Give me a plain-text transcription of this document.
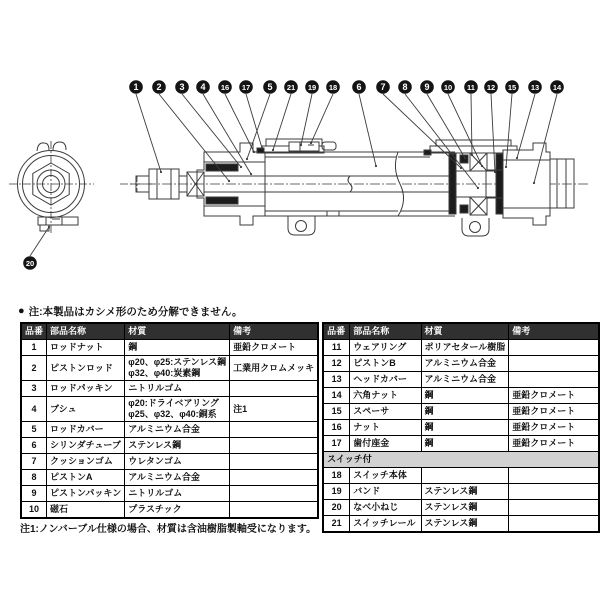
1 2 3 4 16 17 5 21 19 18 6 7 8 9 10 11 12 15 13 14
20
● 注:本製品はカシメ形のため分解できません。
品番	部品名称	材質	備考
1	ロッドナット	鋼	亜鉛クロメート
2	ピストンロッド	φ20、φ25:ステンレス鋼
φ32、φ40:炭素鋼	工業用クロムメッキ
3	ロッドパッキン	ニトリルゴム	

4	ブシュ	φ20:ドライベアリング
φ25、φ32、φ40:銅系	注1
5	ロッドカバー	アルミニウム合金	

6	シリンダチューブ	ステンレス鋼	

7	クッションゴム	ウレタンゴム	

8	ピストンA	アルミニウム合金	

9	ピストンパッキン	ニトリルゴム	

10	磁石	プラスチック	

品番	部品名称	材質	備考
11	ウェアリング	ポリアセタール樹脂	

12	ピストンB	アルミニウム合金	

13	ヘッドカバー	アルミニウム合金	

14	六角ナット	鋼	亜鉛クロメート
15	スペーサ	鋼	亜鉛クロメート
16	ナット	鋼	亜鉛クロメート
17	歯付座金	鋼	亜鉛クロメート
スイッチ付			
18	スイッチ本体	

19	バンド	ステンレス鋼	

20	なべ小ねじ	ステンレス鋼	

21	スイッチレール	ステンレス鋼	

注1:ノンバーブル仕様の場合、材質は含油樹脂製軸受になります。
